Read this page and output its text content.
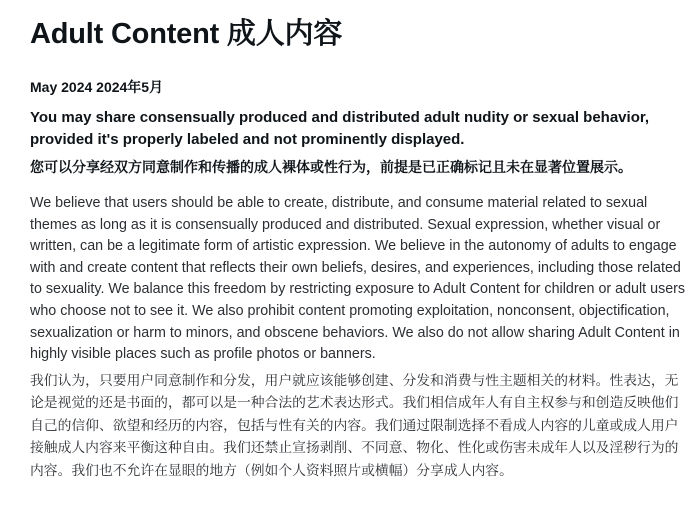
Adult Content 成人内容
May 2024 2024年5月
You may share consensually produced and distributed adult nudity or sexual behavior, provided it's properly labeled and not prominently displayed.
您可以分享经双方同意制作和传播的成人裸体或性行为，前提是已正确标记且未在显著位置展示。
We believe that users should be able to create, distribute, and consume material related to sexual themes as long as it is consensually produced and distributed. Sexual expression, whether visual or written, can be a legitimate form of artistic expression. We believe in the autonomy of adults to engage with and create content that reflects their own beliefs, desires, and experiences, including those related to sexuality. We balance this freedom by restricting exposure to Adult Content for children or adult users who choose not to see it. We also prohibit content promoting exploitation, nonconsent, objectification, sexualization or harm to minors, and obscene behaviors. We also do not allow sharing Adult Content in highly visible places such as profile photos or banners.
我们认为，只要用户同意制作和分发，用户就应该能够创建、分发和消费与性主题相关的材料。性表达，无论是视觉的还是书面的，都可以是一种合法的艺术表达形式。我们相信成年人有自主权参与和创造反映他们自己的信仰、欲望和经历的内容，包括与性有关的内容。我们通过限制选择不看成人内容的儿童或成人用户接触成人内容来平衡这种自由。我们还禁止宣扬剥削、不同意、物化、性化或伤害未成年人以及淫秽行为的内容。我们也不允许在显眼的地方（例如个人资料照片或横幅）分享成人内容。
